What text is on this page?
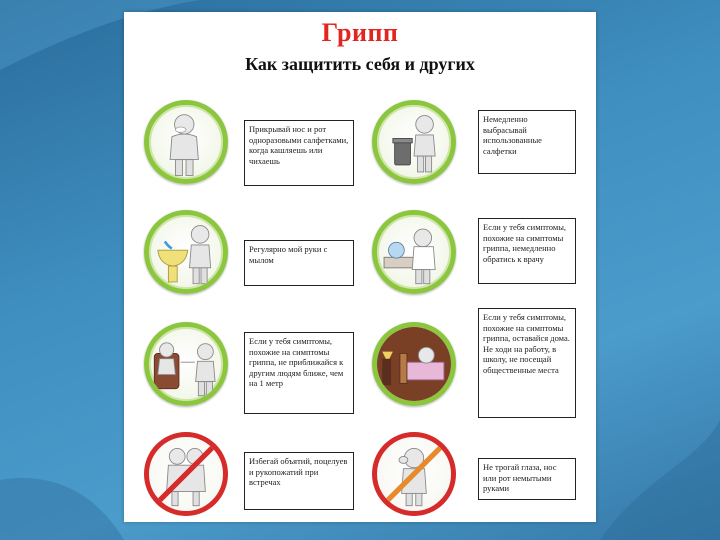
Грипп
Как защитить себя и других
Прикрывай нос и рот одноразовыми салфетками, когда кашляешь или чихаешь
Немедленно выбрасывай использованные салфетки
Регулярно мой руки с мылом
Если у тебя симптомы, похожие на симптомы гриппа, немедленно обратись к врачу
Если у тебя симптомы, похожие на симптомы гриппа, не приближайся к другим людям ближе, чем на 1 метр
Если у тебя симптомы, похожие на симптомы гриппа, оставайся дома. Не ходи на работу, в школу, не посещай общественные места
Избегай объятий, поцелуев и рукопожатий при встречах
Не трогай глаза, нос или рот немытыми руками
